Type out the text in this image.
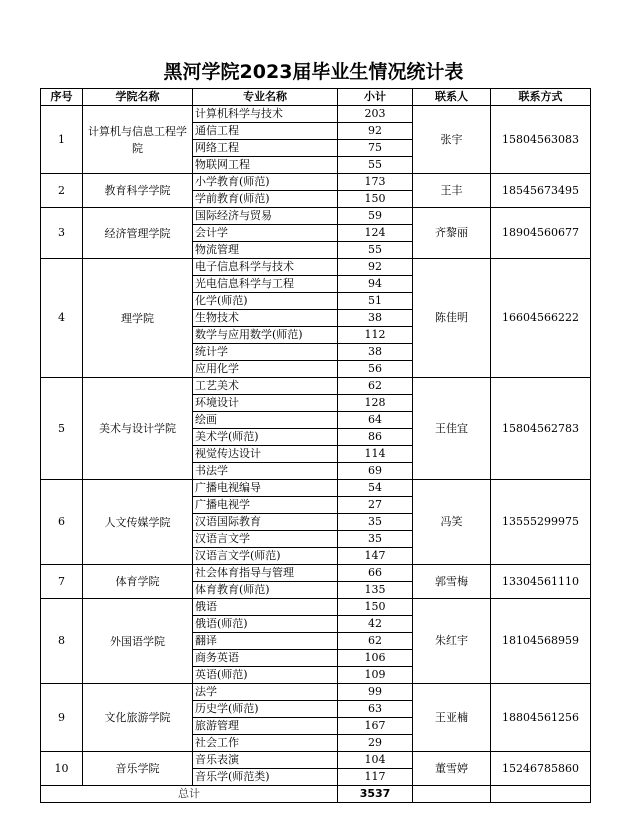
黑河学院2023届毕业生情况统计表
序号	学院名称	专业名称	小计	联系人	联系方式
1	计算机与信息工程学院	计算机科学与技术	203	张宇	15804563083
		通信工程	92		
		网络工程	75		
		物联网工程	55		
2	教育科学学院	小学教育(师范)	173	王丰	18545673495
		学前教育(师范)	150		
3	经济管理学院	国际经济与贸易	59	齐黎丽	18904560677
		会计学	124		
		物流管理	55		
4	理学院	电子信息科学与技术	92	陈佳明	16604566222
		光电信息科学与工程	94		
		化学(师范)	51		
		生物技术	38		
		数学与应用数学(师范)	112		
		统计学	38		
		应用化学	56		
5	美术与设计学院	工艺美术	62	王佳宜	15804562783
		环境设计	128		
		绘画	64		
		美术学(师范)	86		
		视觉传达设计	114		
		书法学	69		
6	人文传媒学院	广播电视编导	54	冯笑	13555299975
		广播电视学	27		
		汉语国际教育	35		
		汉语言文学	35		
		汉语言文学(师范)	147		
7	体育学院	社会体育指导与管理	66	郭雪梅	13304561110
		体育教育(师范)	135		
8	外国语学院	俄语	150	朱红宇	18104568959
		俄语(师范)	42		
		翻译	62		
		商务英语	106		
		英语(师范)	109		
9	文化旅游学院	法学	99	王亚楠	18804561256
		历史学(师范)	63		
		旅游管理	167		
		社会工作	29		
10	音乐学院	音乐表演	104	董雪婷	15246785860
		音乐学(师范类)	117		
总计			3537		
